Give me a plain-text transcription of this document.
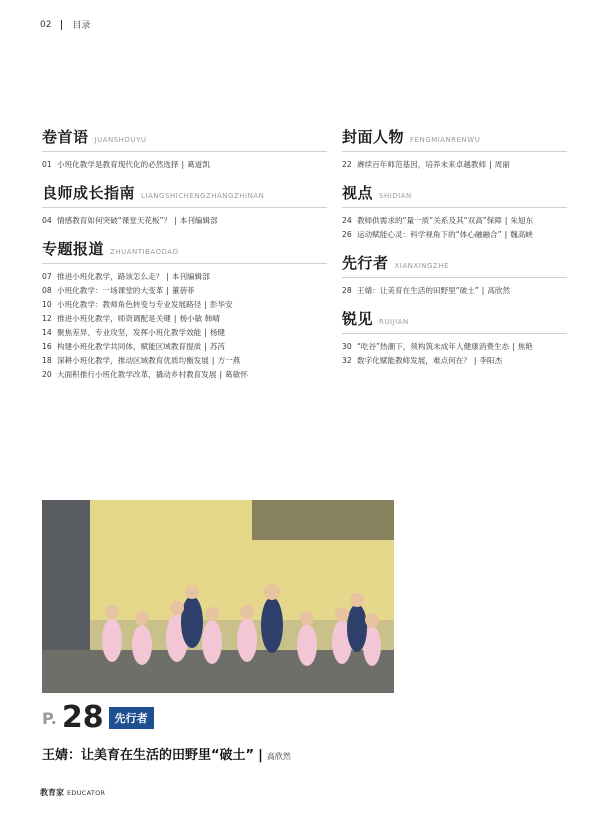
02 目录
卷首语 JUANSHOUYU
01 小班化教学是教育现代化的必然选择 | 葛道凯
良师成长指南 LIANGSHICHENGZHANGZHINAN
04 情感教育如何突破“课堂天花板”？ | 本刊编辑部
专题报道 ZHUANTIBAODAO
07 推进小班化教学，路该怎么走？ | 本刊编辑部
08 小班化教学：一场课堂的大变革 | 董蓓菲
10 小班化教学：教师角色转变与专业发展路径 | 彭华安
12 推进小班化教学，师资调配是关键 | 杨小敏 韩晴
14 聚焦差异、专业攻坚，发挥小班化教学效能 | 杨健
16 构建小班化教学共同体，赋能区域教育提质 | 苏芮
18 深耕小班化教学，推动区域教育优质均衡发展 | 方一燕
20 大面积推行小班化教学改革，撬动乡村教育发展 | 葛敏怀
封面人物 FENGMIANRENWU
22 赓续百年师范基因，培养未来卓越教师 | 周丽
视点 SHIDIAN
24 教师供需求的“量一质”关系及其“双高”保障 | 朱旭东
26 运动赋能心灵：科学视角下的“体心融融合” | 魏高峡
先行者 XIANXINGZHE
28 王婧：让美育在生活的田野里“破土” | 高欣然
锐见 RUIJIAN
30 “吃谷”热潮下，须构筑未成年人健康消费生态 | 焦艳
32 数字化赋能教师发展，难点何在？ | 李阳杰
P. 28	先行者
王婧：让美育在生活的田野里“破土” | 高欣然
教育家 EDUCATOR
